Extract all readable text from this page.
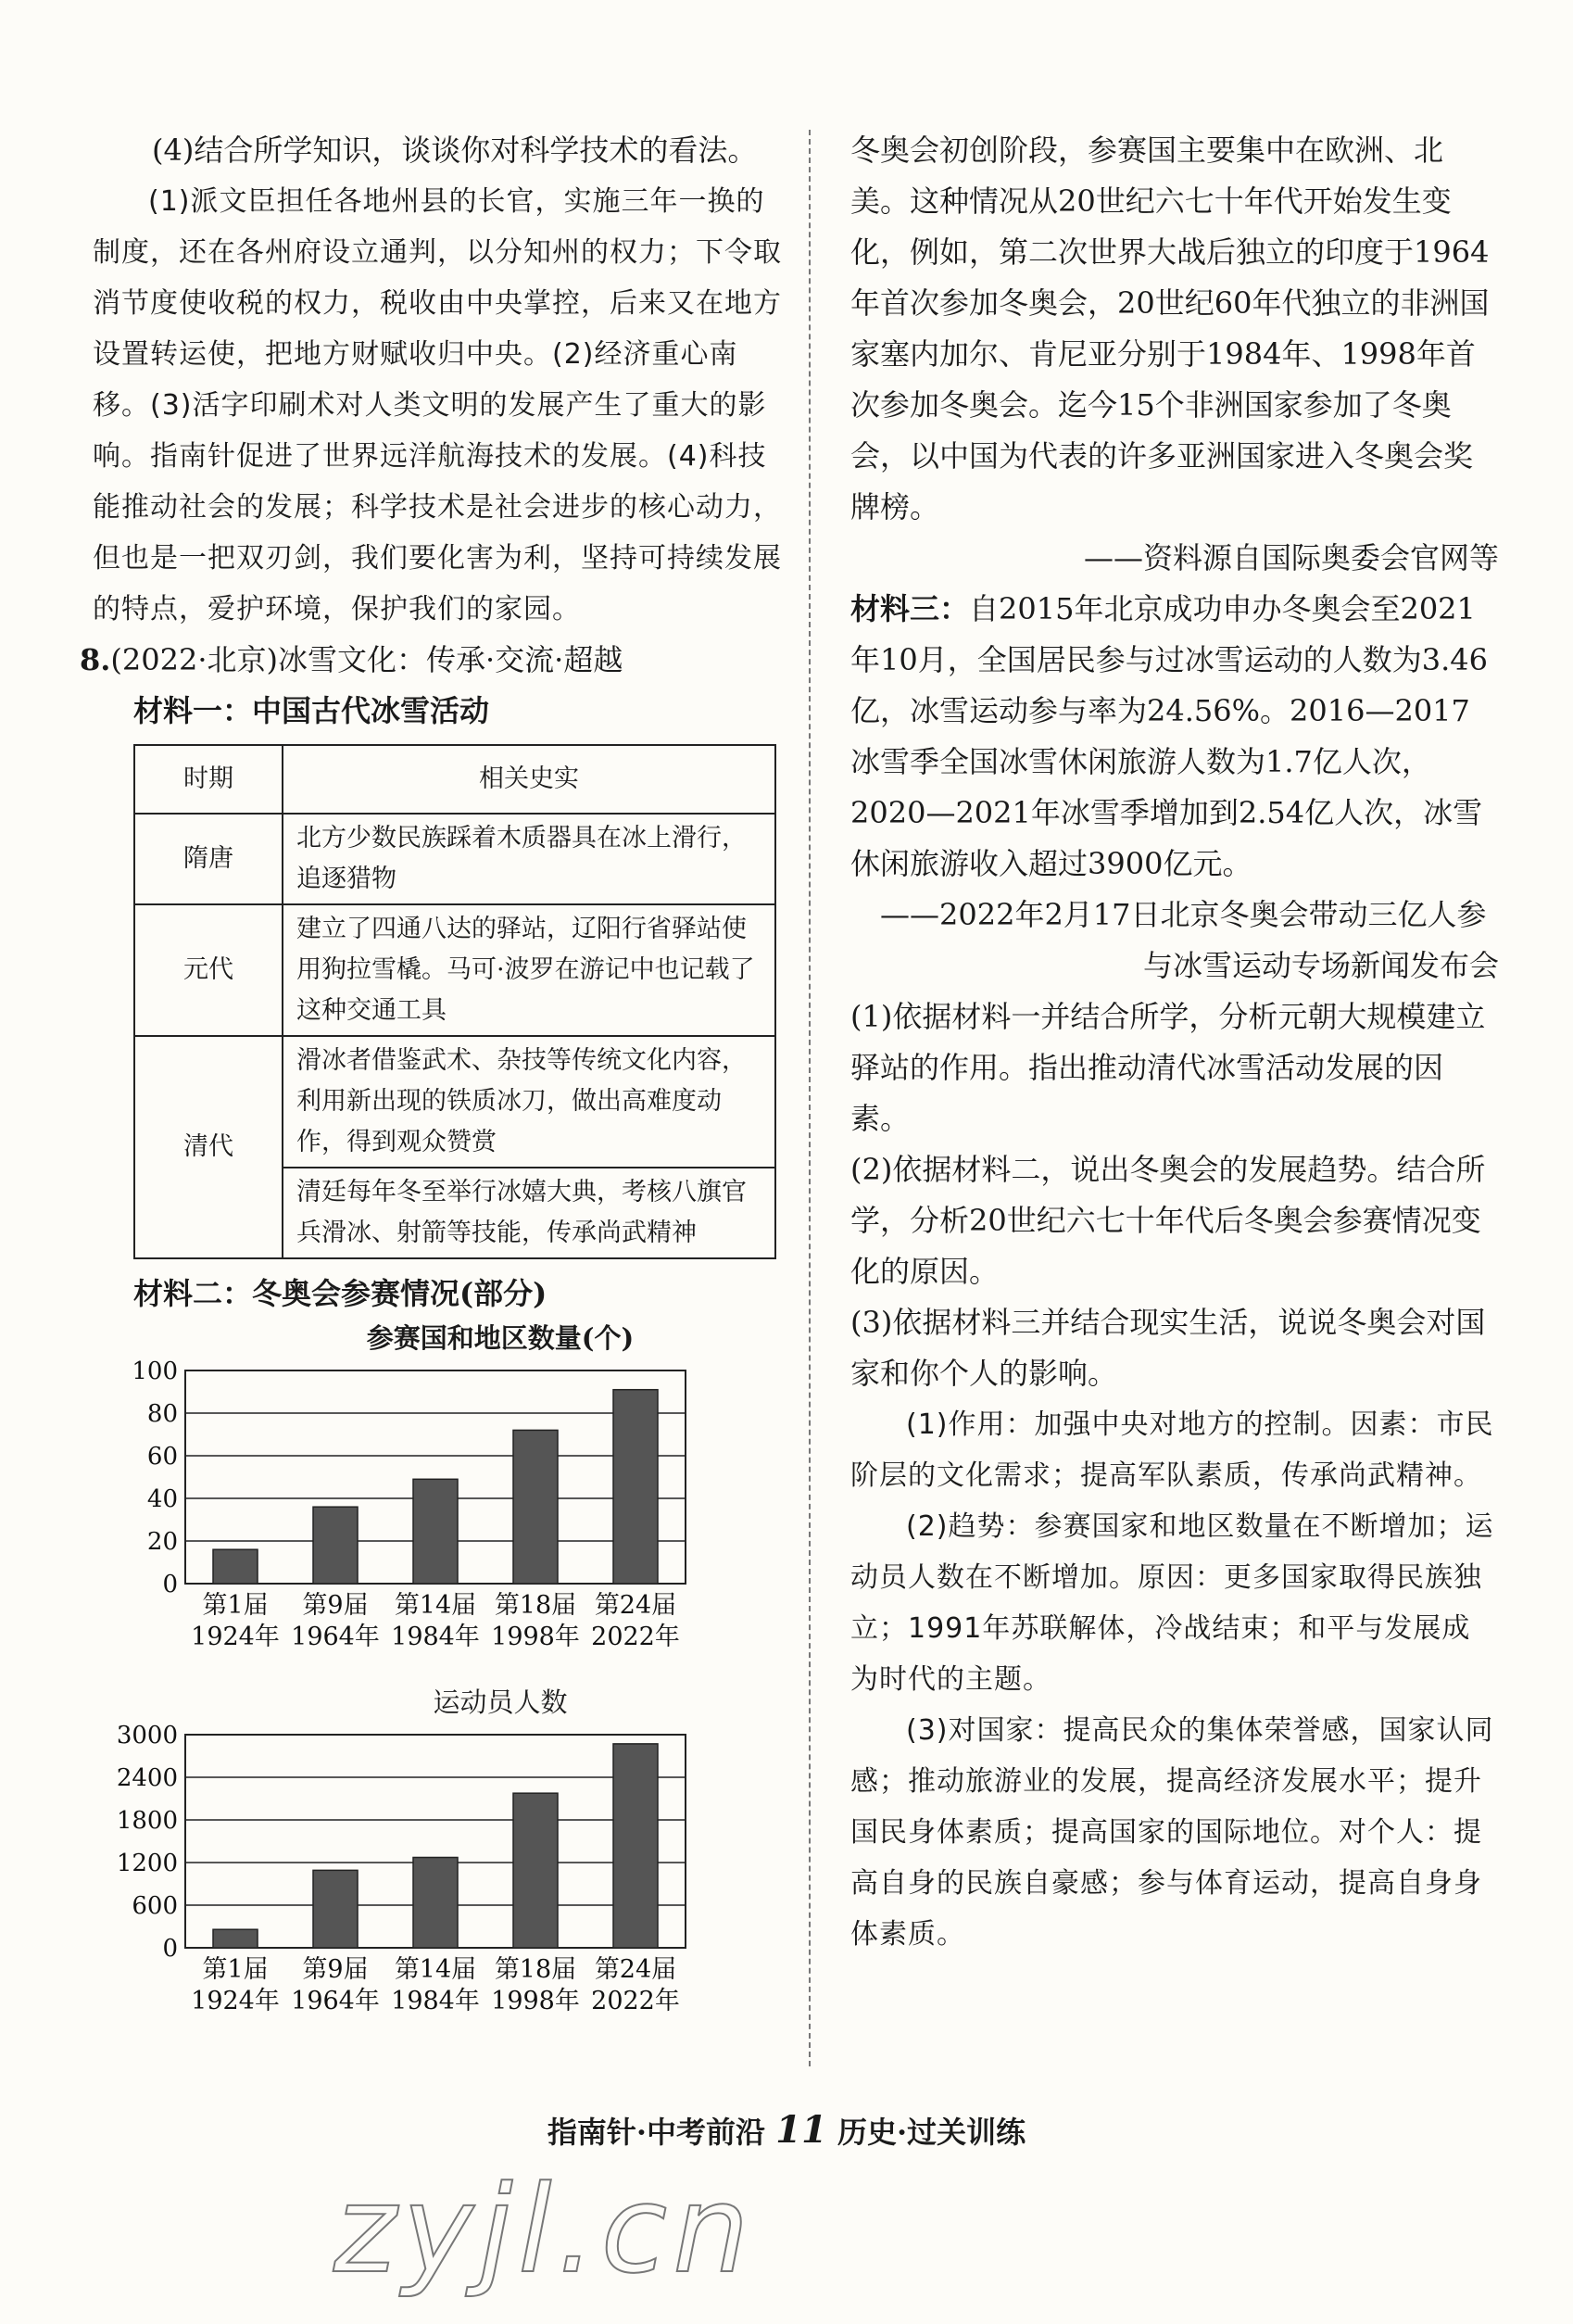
(4)结合所学知识，谈谈你对科学技术的看法。

(1)派文臣担任各地州县的长官，实施三年一换的制度，还在各州府设立通判，以分知州的权力；下令取消节度使收税的权力，税收由中央掌控，后来又在地方设置转运使，把地方财赋收归中央。(2)经济重心南移。(3)活字印刷术对人类文明的发展产生了重大的影响。指南针促进了世界远洋航海技术的发展。(4)科技能推动社会的发展；科学技术是社会进步的核心动力，但也是一把双刃剑，我们要化害为利，坚持可持续发展的特点，爱护环境，保护我们的家园。

8.(2022·北京)冰雪文化：传承·交流·超越

材料一：中国古代冰雪活动

时期	相关史实
隋唐	北方少数民族踩着木质器具在冰上滑行，追逐猎物
元代	建立了四通八达的驿站，辽阳行省驿站使用狗拉雪橇。马可·波罗在游记中也记载了这种交通工具
清代	滑冰者借鉴武术、杂技等传统文化内容，利用新出现的铁质冰刀，做出高难度动作，得到观众赞赏
	清廷每年冬至举行冰嬉大典，考核八旗官兵滑冰、射箭等技能，传承尚武精神

材料二：冬奥会参赛情况(部分)

参赛国和地区数量(个)
0
20
40
60
80
100
第1届
1924年
第9届
1964年
第14届
1984年
第18届
1998年
第24届
2022年
运动员人数
0
600
1200
1800
2400
3000
第1届
1924年
第9届
1964年
第14届
1984年
第18届
1998年
第24届
2022年

冬奥会初创阶段，参赛国主要集中在欧洲、北美。这种情况从20世纪六七十年代开始发生变化，例如，第二次世界大战后独立的印度于1964年首次参加冬奥会，20世纪60年代独立的非洲国家塞内加尔、肯尼亚分别于1984年、1998年首次参加冬奥会。迄今15个非洲国家参加了冬奥会，以中国为代表的许多亚洲国家进入冬奥会奖牌榜。

——资料源自国际奥委会官网等

材料三：自2015年北京成功申办冬奥会至2021年10月，全国居民参与过冰雪运动的人数为3.46亿，冰雪运动参与率为24.56%。2016—2017冰雪季全国冰雪休闲旅游人数为1.7亿人次，2020—2021年冰雪季增加到2.54亿人次，冰雪休闲旅游收入超过3900亿元。

——2022年2月17日北京冬奥会带动三亿人参

与冰雪运动专场新闻发布会

(1)依据材料一并结合所学，分析元朝大规模建立驿站的作用。指出推动清代冰雪活动发展的因素。

(2)依据材料二，说出冬奥会的发展趋势。结合所学，分析20世纪六七十年代后冬奥会参赛情况变化的原因。

(3)依据材料三并结合现实生活，说说冬奥会对国家和你个人的影响。

(1)作用：加强中央对地方的控制。因素：市民阶层的文化需求；提高军队素质，传承尚武精神。

(2)趋势：参赛国家和地区数量在不断增加；运动员人数在不断增加。原因：更多国家取得民族独立；1991年苏联解体，冷战结束；和平与发展成为时代的主题。

(3)对国家：提高民众的集体荣誉感，国家认同感；推动旅游业的发展，提高经济发展水平；提升国民身体素质；提高国家的国际地位。对个人：提高自身的民族自豪感；参与体育运动，提高自身身体素质。

指南针·中考前沿 11 历史·过关训练
zyjl.cn
